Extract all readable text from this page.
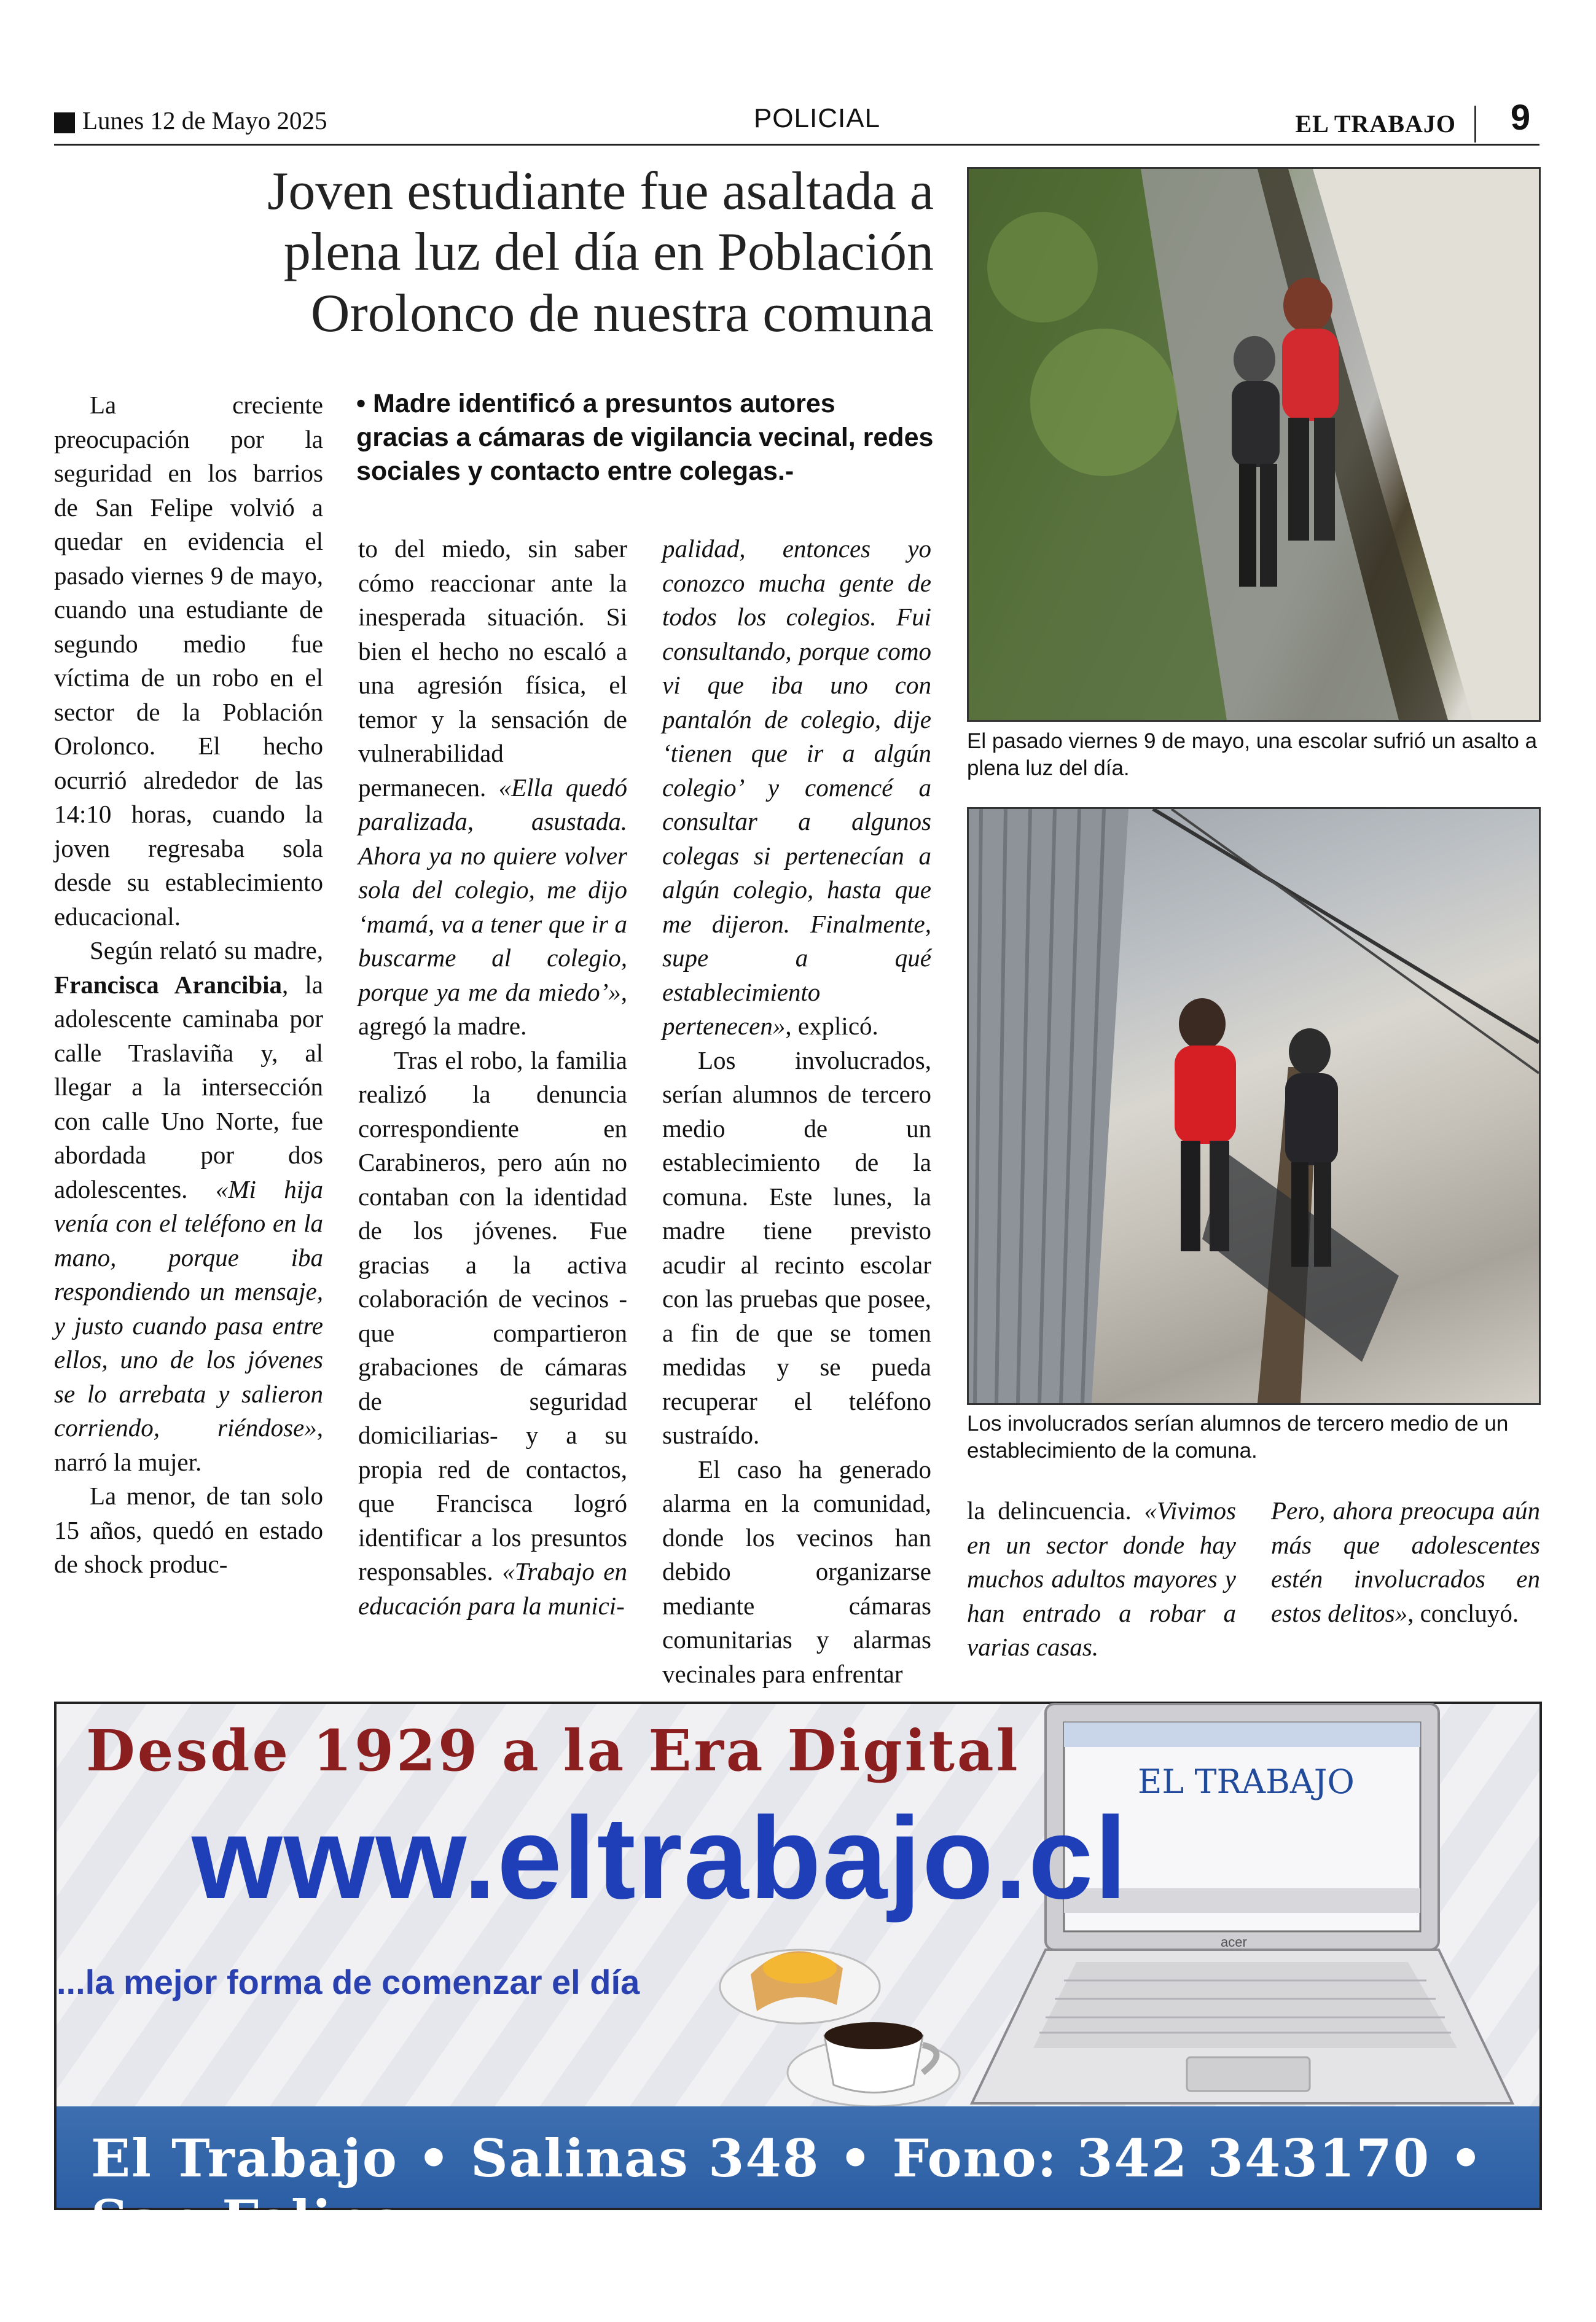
Lunes 12 de Mayo 2025	POLICIAL	EL TRABAJO	9
Joven estudiante fue asaltada a plena luz del día en Población Orolonco de nuestra comuna
• Madre identificó a presuntos autores gracias a cámaras de vigilancia vecinal, redes sociales y contacto entre colegas.-

La creciente preocupación por la seguridad en los barrios de San Felipe volvió a quedar en evidencia el pasado viernes 9 de mayo, cuando una estudiante de segundo medio fue víctima de un robo en el sector de la Población Orolonco. El hecho ocurrió alrededor de las 14:10 horas, cuando la joven regresaba sola desde su establecimiento educacional.

Según relató su madre, Francisca Arancibia, la adolescente caminaba por calle Traslaviña y, al llegar a la intersección con calle Uno Norte, fue abordada por dos adolescentes. «Mi hija venía con el teléfono en la mano, porque iba respondiendo un mensaje, y justo cuando pasa entre ellos, uno de los jóvenes se lo arrebata y salieron corriendo, riéndose», narró la mujer.

La menor, de tan solo 15 años, quedó en estado de shock produc-

to del miedo, sin saber cómo reaccionar ante la inesperada situación. Si bien el hecho no escaló a una agresión física, el temor y la sensación de vulnerabilidad permanecen. «Ella quedó paralizada, asustada. Ahora ya no quiere volver sola del colegio, me dijo ‘mamá, va a tener que ir a buscarme al colegio, porque ya me da miedo’», agregó la madre.

Tras el robo, la familia realizó la denuncia correspondiente en Carabineros, pero aún no contaban con la identidad de los jóvenes. Fue gracias a la activa colaboración de vecinos - que compartieron grabaciones de cámaras de seguridad domiciliarias- y a su propia red de contactos, que Francisca logró identificar a los presuntos responsables. «Trabajo en educación para la munici-

palidad, entonces yo conozco mucha gente de todos los colegios. Fui consultando, porque como vi que iba uno con pantalón de colegio, dije ‘tienen que ir a algún colegio’ y comencé a consultar a algunos colegas si pertenecían a algún colegio, hasta que me dijeron. Finalmente, supe a qué establecimiento pertenecen», explicó.

Los involucrados, serían alumnos de tercero medio de un establecimiento de la comuna. Este lunes, la madre tiene previsto acudir al recinto escolar con las pruebas que posee, a fin de que se tomen medidas y se pueda recuperar el teléfono sustraído.

El caso ha generado alarma en la comunidad, donde los vecinos han debido organizarse mediante cámaras comunitarias y alarmas vecinales para enfrentar

la delincuencia. «Vivimos en un sector donde hay muchos adultos mayores y han entrado a robar a varias casas.

Pero, ahora preocupa aún más que adolescentes estén involucrados en estos delitos», concluyó.

El pasado viernes 9 de mayo, una escolar sufrió un asalto a plena luz del día.
Los involucrados serían alumnos de tercero medio de un establecimiento de la comuna.
Desde 1929 a la Era Digital
...la mejor forma de comenzar el día
EL TRABAJO
acer
www.eltrabajo.cl
El Trabajo • Salinas 348 • Fono: 342 343170 • San Felipe
